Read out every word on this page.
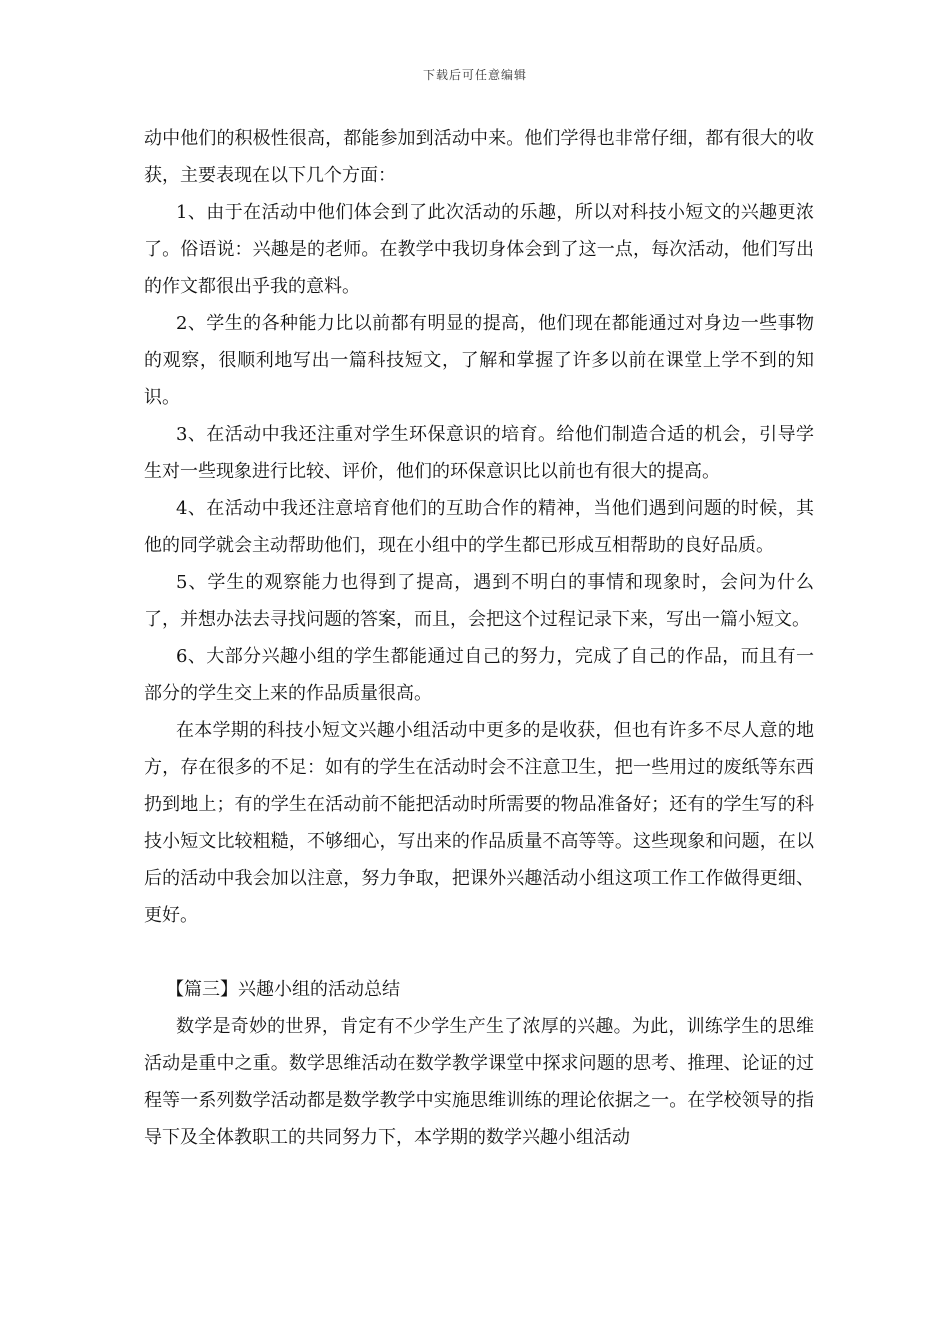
下载后可任意编辑

动中他们的积极性很高，都能参加到活动中来。他们学得也非常仔细，都有很大的收获，主要表现在以下几个方面：

1、由于在活动中他们体会到了此次活动的乐趣，所以对科技小短文的兴趣更浓了。俗语说：兴趣是的老师。在教学中我切身体会到了这一点，每次活动，他们写出的作文都很出乎我的意料。

2、学生的各种能力比以前都有明显的提高，他们现在都能通过对身边一些事物的观察，很顺利地写出一篇科技短文，了解和掌握了许多以前在课堂上学不到的知识。

3、在活动中我还注重对学生环保意识的培育。给他们制造合适的机会，引导学生对一些现象进行比较、评价，他们的环保意识比以前也有很大的提高。

4、在活动中我还注意培育他们的互助合作的精神，当他们遇到问题的时候，其他的同学就会主动帮助他们，现在小组中的学生都已形成互相帮助的良好品质。

5、学生的观察能力也得到了提高，遇到不明白的事情和现象时，会问为什么了，并想办法去寻找问题的答案，而且，会把这个过程记录下来，写出一篇小短文。

6、大部分兴趣小组的学生都能通过自己的努力，完成了自己的作品，而且有一部分的学生交上来的作品质量很高。

在本学期的科技小短文兴趣小组活动中更多的是收获，但也有许多不尽人意的地方，存在很多的不足：如有的学生在活动时会不注意卫生，把一些用过的废纸等东西扔到地上；有的学生在活动前不能把活动时所需要的物品准备好；还有的学生写的科技小短文比较粗糙，不够细心，写出来的作品质量不高等等。这些现象和问题，在以后的活动中我会加以注意，努力争取，把课外兴趣活动小组这项工作工作做得更细、更好。

【篇三】兴趣小组的活动总结

数学是奇妙的世界，肯定有不少学生产生了浓厚的兴趣。为此，训练学生的思维活动是重中之重。数学思维活动在数学教学课堂中探求问题的思考、推理、论证的过程等一系列数学活动都是数学教学中实施思维训练的理论依据之一。在学校领导的指导下及全体教职工的共同努力下，本学期的数学兴趣小组活动
